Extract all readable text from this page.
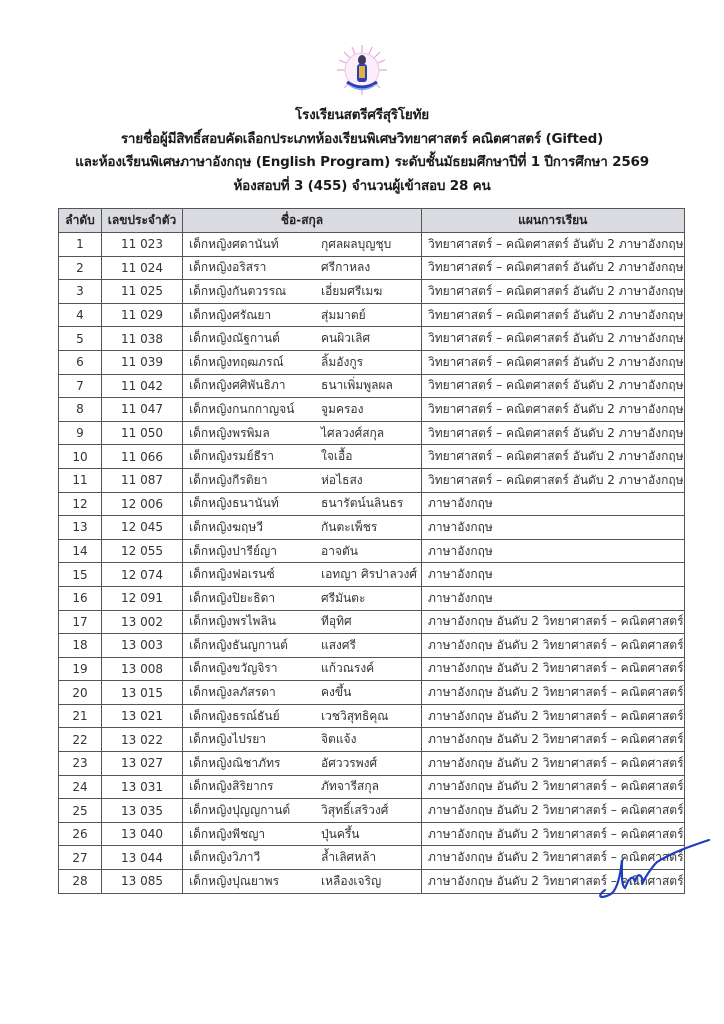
โรงเรียนสตรีศรีสุริโยทัย
รายชื่อผู้มีสิทธิ์สอบคัดเลือกประเภทห้องเรียนพิเศษวิทยาศาสตร์ คณิตศาสตร์ (Gifted)
และห้องเรียนพิเศษภาษาอังกฤษ (English Program) ระดับชั้นมัธยมศึกษาปีที่ 1 ปีการศึกษา 2569
ห้องสอบที่ 3 (455) จำนวนผู้เข้าสอบ 28 คน
ลำดับ	เลขประจำตัว	ชื่อ-สกุล	แผนการเรียน
1	11 023	เด็กหญิงศดานันท์ กุศลผลบุญชุบ	วิทยาศาสตร์ – คณิตศาสตร์ อันดับ 2 ภาษาอังกฤษ
2	11 024	เด็กหญิงอริสรา ศรีกาหลง	วิทยาศาสตร์ – คณิตศาสตร์ อันดับ 2 ภาษาอังกฤษ
3	11 025	เด็กหญิงกันตวรรณ เอี่ยมศรีเมฆ	วิทยาศาสตร์ – คณิตศาสตร์ อันดับ 2 ภาษาอังกฤษ
4	11 029	เด็กหญิงศรัณยา สุ่มมาตย์	วิทยาศาสตร์ – คณิตศาสตร์ อันดับ 2 ภาษาอังกฤษ
5	11 038	เด็กหญิงณัฐกานต์ คนผิวเลิศ	วิทยาศาสตร์ – คณิตศาสตร์ อันดับ 2 ภาษาอังกฤษ
6	11 039	เด็กหญิงทฤฒภรณ์ ลิ้มอังกูร	วิทยาศาสตร์ – คณิตศาสตร์ อันดับ 2 ภาษาอังกฤษ
7	11 042	เด็กหญิงศศิพันธิภา ธนาเพิ่มพูลผล	วิทยาศาสตร์ – คณิตศาสตร์ อันดับ 2 ภาษาอังกฤษ
8	11 047	เด็กหญิงกนกกาญจน์ จูมครอง	วิทยาศาสตร์ – คณิตศาสตร์ อันดับ 2 ภาษาอังกฤษ
9	11 050	เด็กหญิงพรพิมล ไศลวงศ์สกุล	วิทยาศาสตร์ – คณิตศาสตร์ อันดับ 2 ภาษาอังกฤษ
10	11 066	เด็กหญิงรมย์ธีรา ใจเอื้อ	วิทยาศาสตร์ – คณิตศาสตร์ อันดับ 2 ภาษาอังกฤษ
11	11 087	เด็กหญิงกีรติยา ห่อไธสง	วิทยาศาสตร์ – คณิตศาสตร์ อันดับ 2 ภาษาอังกฤษ
12	12 006	เด็กหญิงธนานันท์ ธนารัตน์นลินธร	ภาษาอังกฤษ
13	12 045	เด็กหญิงฆฤษวี กันตะเพ็ชร	ภาษาอังกฤษ
14	12 055	เด็กหญิงปารีย์ญา อาจตัน	ภาษาอังกฤษ
15	12 074	เด็กหญิงฟอเรนซ์ เอทญา ศิรปาลวงศ์	ภาษาอังกฤษ
16	12 091	เด็กหญิงปิยะธิดา ศรีมันตะ	ภาษาอังกฤษ
17	13 002	เด็กหญิงพรไพลิน ทีอุทิศ	ภาษาอังกฤษ อันดับ 2 วิทยาศาสตร์ – คณิตศาสตร์
18	13 003	เด็กหญิงธันญกานต์ แสงศรี	ภาษาอังกฤษ อันดับ 2 วิทยาศาสตร์ – คณิตศาสตร์
19	13 008	เด็กหญิงขวัญจิรา แก้วณรงค์	ภาษาอังกฤษ อันดับ 2 วิทยาศาสตร์ – คณิตศาสตร์
20	13 015	เด็กหญิงลภัสรดา คงขึ้น	ภาษาอังกฤษ อันดับ 2 วิทยาศาสตร์ – คณิตศาสตร์
21	13 021	เด็กหญิงธรณ์ธันย์ เวชวิสุทธิคุณ	ภาษาอังกฤษ อันดับ 2 วิทยาศาสตร์ – คณิตศาสตร์
22	13 022	เด็กหญิงไปรยา จิตแจ้ง	ภาษาอังกฤษ อันดับ 2 วิทยาศาสตร์ – คณิตศาสตร์
23	13 027	เด็กหญิงณิชาภัทร อัศววรพงศ์	ภาษาอังกฤษ อันดับ 2 วิทยาศาสตร์ – คณิตศาสตร์
24	13 031	เด็กหญิงสิริยากร ภัทจารีสกุล	ภาษาอังกฤษ อันดับ 2 วิทยาศาสตร์ – คณิตศาสตร์
25	13 035	เด็กหญิงปุญญกานต์ วิสุทธิ์เสริวงศ์	ภาษาอังกฤษ อันดับ 2 วิทยาศาสตร์ – คณิตศาสตร์
26	13 040	เด็กหญิงพีชญา ปุ่นครึ้น	ภาษาอังกฤษ อันดับ 2 วิทยาศาสตร์ – คณิตศาสตร์
27	13 044	เด็กหญิงวิภาวี ล้ำเลิศหล้า	ภาษาอังกฤษ อันดับ 2 วิทยาศาสตร์ – คณิตศาสตร์
28	13 085	เด็กหญิงปุณยาพร เหลืองเจริญ	ภาษาอังกฤษ อันดับ 2 วิทยาศาสตร์ – คณิตศาสตร์
